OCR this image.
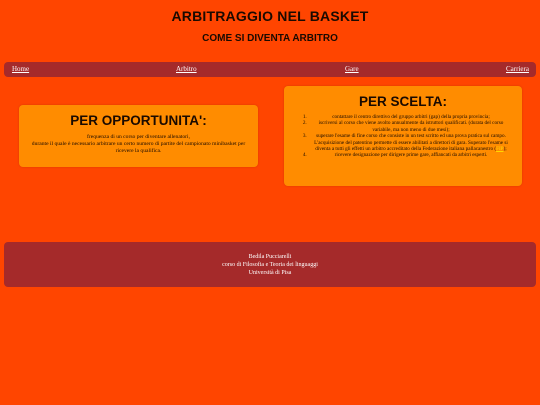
ARBITRAGGIO NEL BASKET
COME SI DIVENTA ARBITRO
Home	Arbitro	Gare	Carriera
PER OPPORTUNITA':

frequenza di un corso per diventare allenatori,
durante il quale è necessario arbitrare un certo numero di partite del campionato minibasket per ricevere la qualifica.

PER SCELTA:
1. contattare il centro direttivo del gruppo arbitri (gap) della propria provincia;
2. iscriversi al corso che viene avolto annualmente da istruttori qualificati. (durata del corso variabile, ma non meno di due mesi);
3. superare l'esame di fine corso che consiste in un test scritto ed una prova pratica sul campo. L'acquisizione del patentino permette di essere abilitati a direttori di gara. Superato l'esame si diventa a tutti gli effetti un arbitro accreditato della Federazione italiana pallacanestro (FIP);
4. ricevere designazione per dirigere prime gare, affiancati da arbitri esperti.
Bedila Pucciarelli
corso di Filosofia e Teoria dei linguaggi
Università di Pisa
